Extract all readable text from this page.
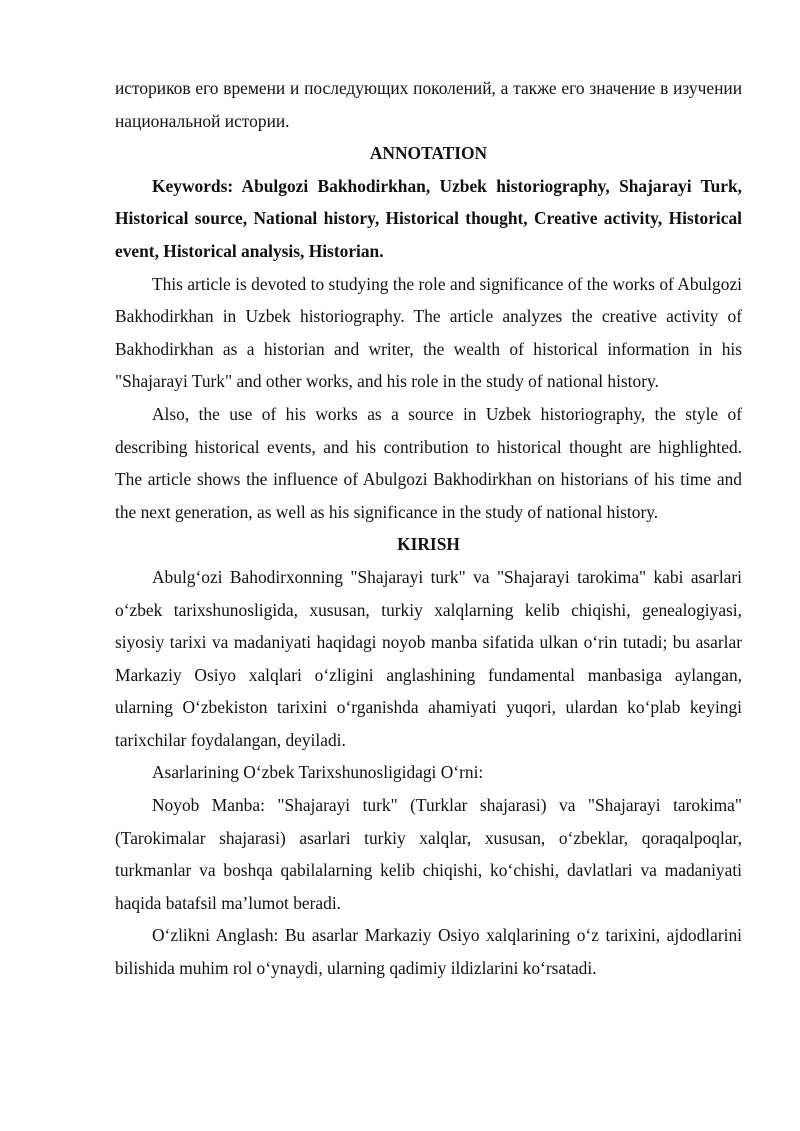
историков его времени и последующих поколений, а также его значение в изучении национальной истории.

ANNOTATION

Keywords: Abulgozi Bakhodirkhan, Uzbek historiography, Shajarayi Turk, Historical source, National history, Historical thought, Creative activity, Historical event, Historical analysis, Historian.

This article is devoted to studying the role and significance of the works of Abulgozi Bakhodirkhan in Uzbek historiography. The article analyzes the creative activity of Bakhodirkhan as a historian and writer, the wealth of historical information in his "Shajarayi Turk" and other works, and his role in the study of national history.

Also, the use of his works as a source in Uzbek historiography, the style of describing historical events, and his contribution to historical thought are highlighted. The article shows the influence of Abulgozi Bakhodirkhan on historians of his time and the next generation, as well as his significance in the study of national history.

KIRISH

Abulg‘ozi Bahodirxonning "Shajarayi turk" va "Shajarayi tarokima" kabi asarlari o‘zbek tarixshunosligida, xususan, turkiy xalqlarning kelib chiqishi, genealogiyasi, siyosiy tarixi va madaniyati haqidagi noyob manba sifatida ulkan o‘rin tutadi; bu asarlar Markaziy Osiyo xalqlari o‘zligini anglashining fundamental manbasiga aylangan, ularning O‘zbekiston tarixini o‘rganishda ahamiyati yuqori, ulardan ko‘plab keyingi tarixchilar foydalangan, deyiladi.

Asarlarining O‘zbek Tarixshunosligidagi O‘rni:

Noyob Manba: "Shajarayi turk" (Turklar shajarasi) va "Shajarayi tarokima" (Tarokimalar shajarasi) asarlari turkiy xalqlar, xususan, o‘zbeklar, qoraqalpoqlar, turkmanlar va boshqa qabilalarning kelib chiqishi, ko‘chishi, davlatlari va madaniyati haqida batafsil ma’lumot beradi.

O‘zlikni Anglash: Bu asarlar Markaziy Osiyo xalqlarining o‘z tarixini, ajdodlarini bilishida muhim rol o‘ynaydi, ularning qadimiy ildizlarini ko‘rsatadi.
